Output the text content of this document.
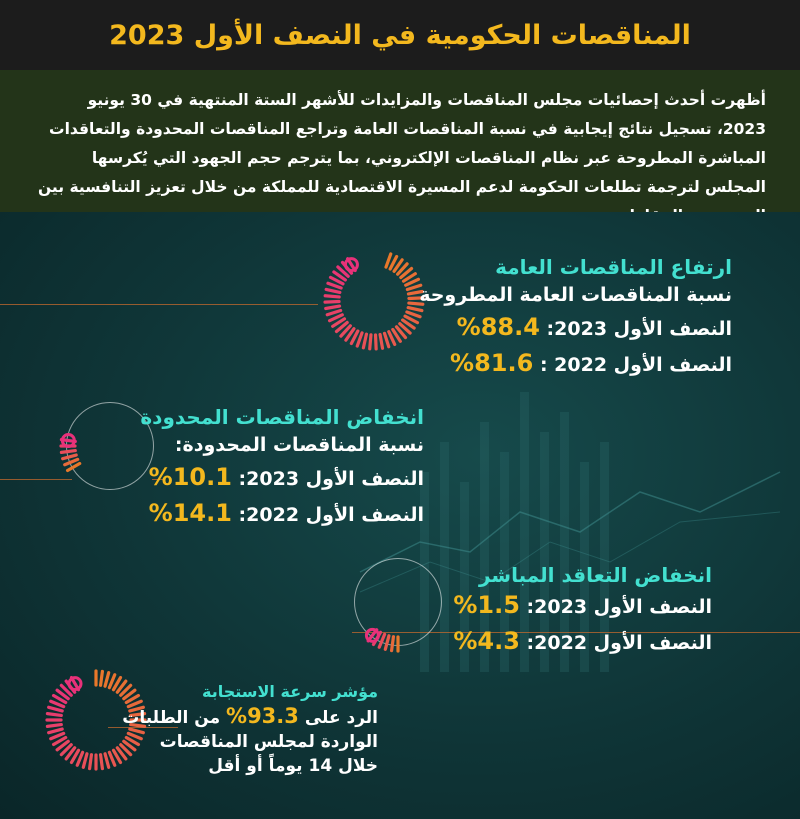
المناقصات الحكومية في النصف الأول 2023

أظهرت أحدث إحصائيات مجلس المناقصات والمزايدات للأشهر الستة المنتهية في 30 يونيو 2023، تسجيل نتائج إيجابية في نسبة المناقصات العامة وتراجع المناقصات المحدودة والتعاقدات المباشرة المطروحة عبر نظام المناقصات الإلكتروني، بما يترجم حجم الجهود التي يُكرسها المجلس لترجمة تطلعات الحكومة لدعم المسيرة الاقتصادية للمملكة من خلال تعزيز التنافسية بين

ارتفاع المناقصات العامة
نسبة المناقصات العامة المطروحة
النصف الأول 2023: 88.4%
النصف الأول 2022 : 81.6%
انخفاض المناقصات المحدودة
نسبة المناقصات المحدودة:
النصف الأول 2023: 10.1%
النصف الأول 2022: 14.1%
انخفاض التعاقد المباشر
النصف الأول 2023: 1.5%
النصف الأول 2022: 4.3%
مؤشر سرعة الاستجابة
الرد على 93.3% من الطلبات
الواردة لمجلس المناقصات
خلال 14 يوماً أو أقل
